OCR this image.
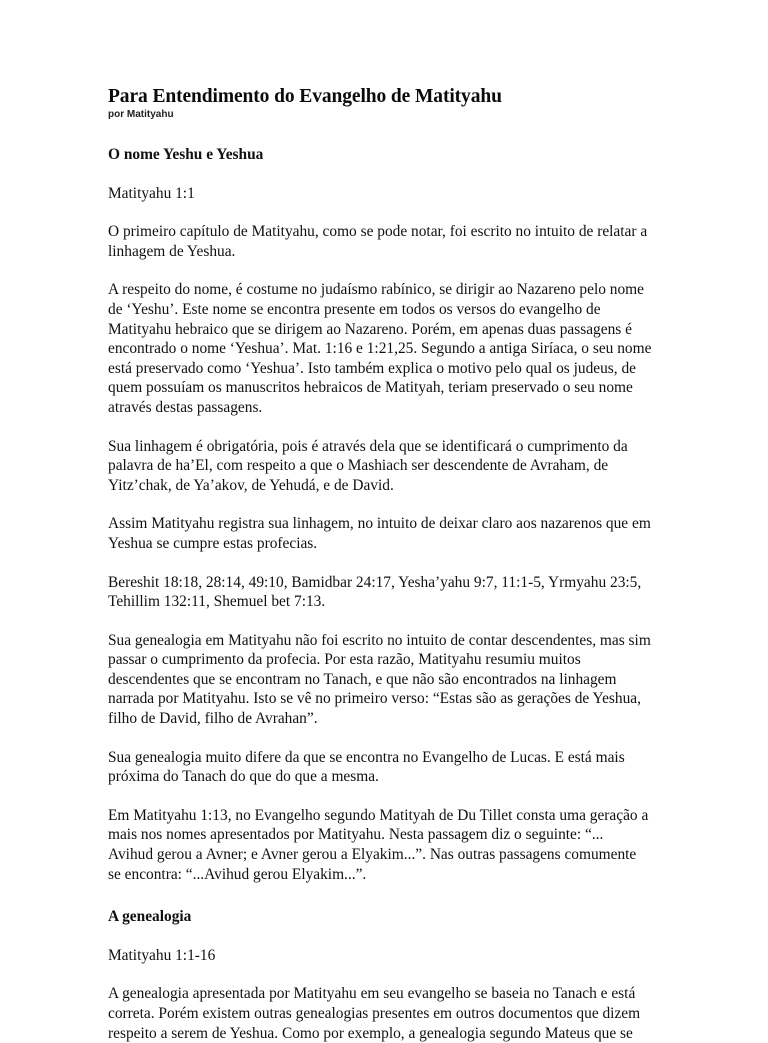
Para Entendimento do Evangelho de Matityahu
por Matityahu
O nome Yeshu e Yeshua

Matityahu 1:1

O primeiro capítulo de Matityahu, como se pode notar, foi escrito no intuito de relatar a
linhagem de Yeshua.

A respeito do nome, é costume no judaísmo rabínico, se dirigir ao Nazareno pelo nome
de ‘Yeshu’. Este nome se encontra presente em todos os versos do evangelho de
Matityahu hebraico que se dirigem ao Nazareno. Porém, em apenas duas passagens é
encontrado o nome ‘Yeshua’. Mat. 1:16 e 1:21,25. Segundo a antiga Siríaca, o seu nome
está preservado como ‘Yeshua’. Isto também explica o motivo pelo qual os judeus, de
quem possuíam os manuscritos hebraicos de Matityah, teriam preservado o seu nome
através destas passagens.

Sua linhagem é obrigatória, pois é através dela que se identificará o cumprimento da
palavra de ha’El, com respeito a que o Mashiach ser descendente de Avraham, de
Yitz’chak, de Ya’akov, de Yehudá, e de David.

Assim Matityahu registra sua linhagem, no intuito de deixar claro aos nazarenos que em
Yeshua se cumpre estas profecias.

Bereshit 18:18, 28:14, 49:10, Bamidbar 24:17, Yesha’yahu 9:7, 11:1-5, Yrmyahu 23:5,
Tehillim 132:11, Shemuel bet 7:13.

Sua genealogia em Matityahu não foi escrito no intuito de contar descendentes, mas sim
passar o cumprimento da profecia. Por esta razão, Matityahu resumiu muitos
descendentes que se encontram no Tanach, e que não são encontrados na linhagem
narrada por Matityahu. Isto se vê no primeiro verso: “Estas são as gerações de Yeshua,
filho de David, filho de Avrahan”.

Sua genealogia muito difere da que se encontra no Evangelho de Lucas. E está mais
próxima do Tanach do que do que a mesma.

Em Matityahu 1:13, no Evangelho segundo Matityah de Du Tillet consta uma geração a
mais nos nomes apresentados por Matityahu. Nesta passagem diz o seguinte: “...
Avihud gerou a Avner; e Avner gerou a Elyakim...”. Nas outras passagens comumente
se encontra: “...Avihud gerou Elyakim...”.

A genealogia

Matityahu 1:1-16

A genealogia apresentada por Matityahu em seu evangelho se baseia no Tanach e está
correta. Porém existem outras genealogias presentes em outros documentos que dizem
respeito a serem de Yeshua. Como por exemplo, a genealogia segundo Mateus que se
